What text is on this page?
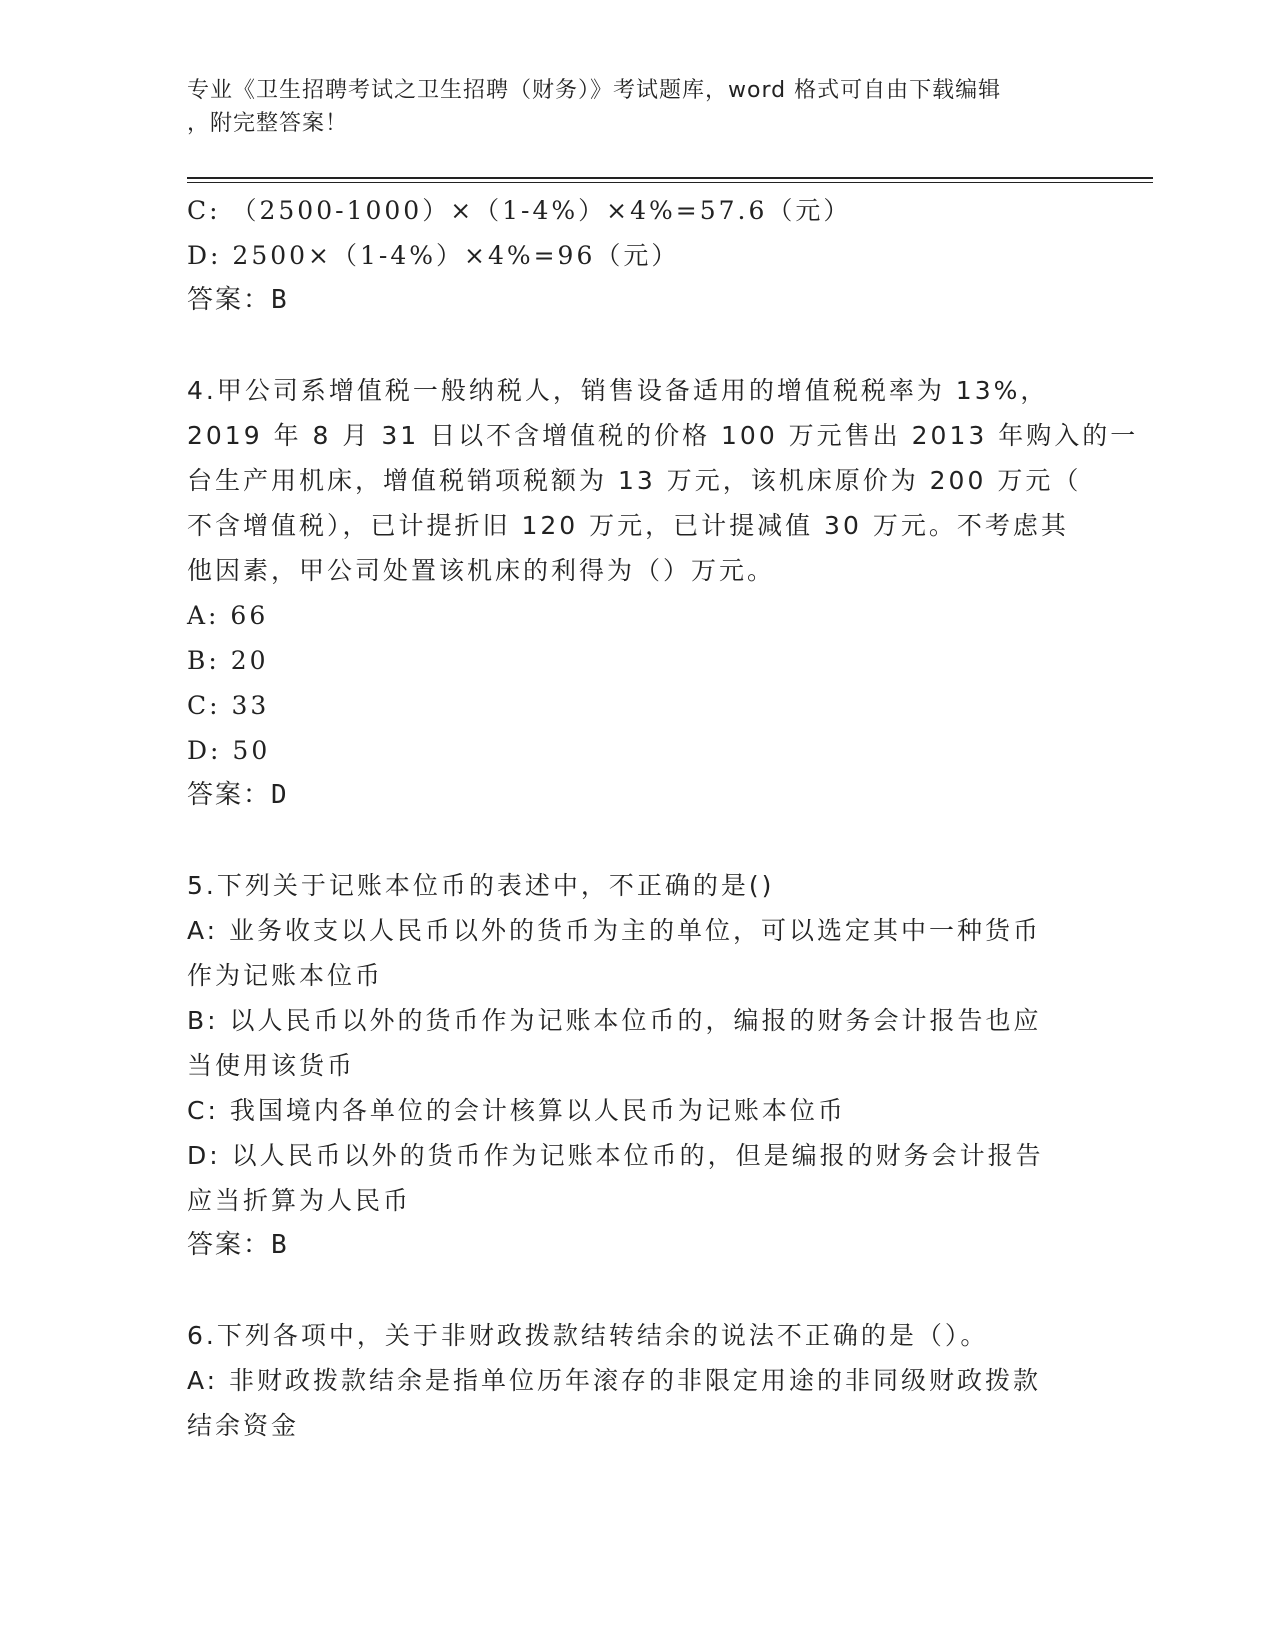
专业《卫生招聘考试之卫生招聘（财务）》考试题库，word 格式可自由下载编辑
，附完整答案！
C: （2500-1000）×（1-4%）×4%=57.6（元）
D: 2500×（1-4%）×4%=96（元）
答案：B
4.甲公司系增值税一般纳税人，销售设备适用的增值税税率为 13%，
2019 年 8 月 31 日以不含增值税的价格 100 万元售出 2013 年购入的一
台生产用机床，增值税销项税额为 13 万元，该机床原价为 200 万元（
不含增值税），已计提折旧 120 万元，已计提减值 30 万元。不考虑其
他因素，甲公司处置该机床的利得为（）万元。
A: 66
B: 20
C: 33
D: 50
答案：D
5.下列关于记账本位币的表述中，不正确的是()
A: 业务收支以人民币以外的货币为主的单位，可以选定其中一种货币
作为记账本位币
B: 以人民币以外的货币作为记账本位币的，编报的财务会计报告也应
当使用该货币
C: 我国境内各单位的会计核算以人民币为记账本位币
D: 以人民币以外的货币作为记账本位币的，但是编报的财务会计报告
应当折算为人民币
答案：B
6.下列各项中，关于非财政拨款结转结余的说法不正确的是（）。
A: 非财政拨款结余是指单位历年滚存的非限定用途的非同级财政拨款
结余资金
